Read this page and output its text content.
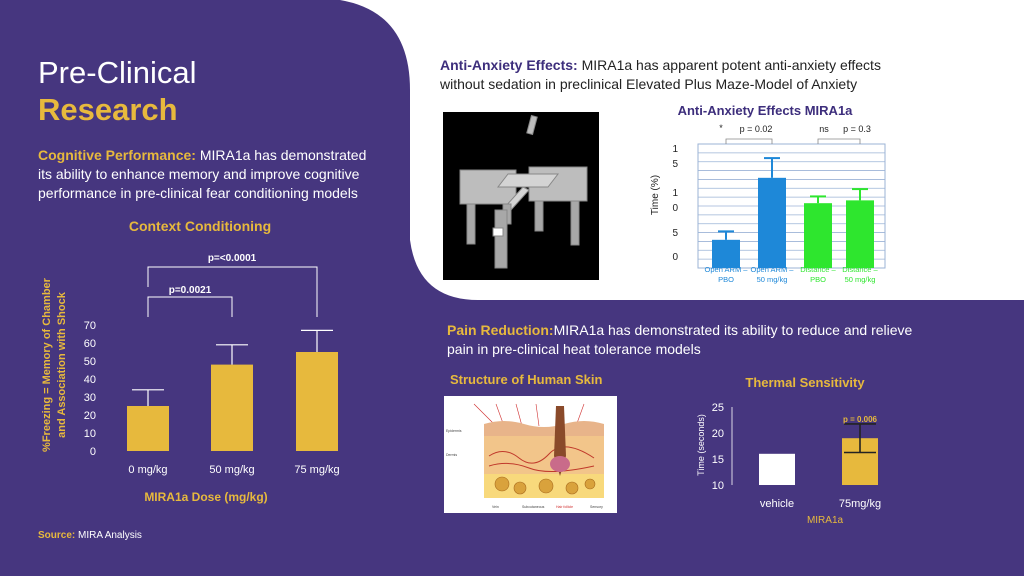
Pre-Clinical
Research
Cognitive Performance: MIRA1a has demonstrated its ability to enhance memory and improve cognitive performance in pre-clinical fear conditioning models
Anti-Anxiety Effects: MIRA1a has apparent potent anti-anxiety effects without sedation in preclinical Elevated Plus Maze-Model of Anxiety
Pain Reduction:MIRA1a has demonstrated its ability to reduce and relieve pain in pre-clinical heat tolerance models
Structure of Human Skin
Source: MIRA Analysis
Epidermis
Dermis
Vein	Subcutaneous	Hair follicle	Sensory
Context Conditioning
%Freezing = Memory of Chamber and Association with Shock
MIRA1a Dose (mg/kg)
0
10
20
30
40
50
60
70
0 mg/kg	50 mg/kg	75 mg/kg
p=0.0021
p=<0.0001
Anti-Anxiety Effects MIRA1a
Time (%)
0
5
0
1
5
1
Open ARM –
PBO
Open ARM –
50 mg/kg
Distance –
PBO
Distance –
50 mg/kg
* p = 0.02	ns p = 0.3
Thermal Sensitivity
Time (seconds)
MIRA1a
10
15
20
25
vehicle	75mg/kg
p = 0.006
